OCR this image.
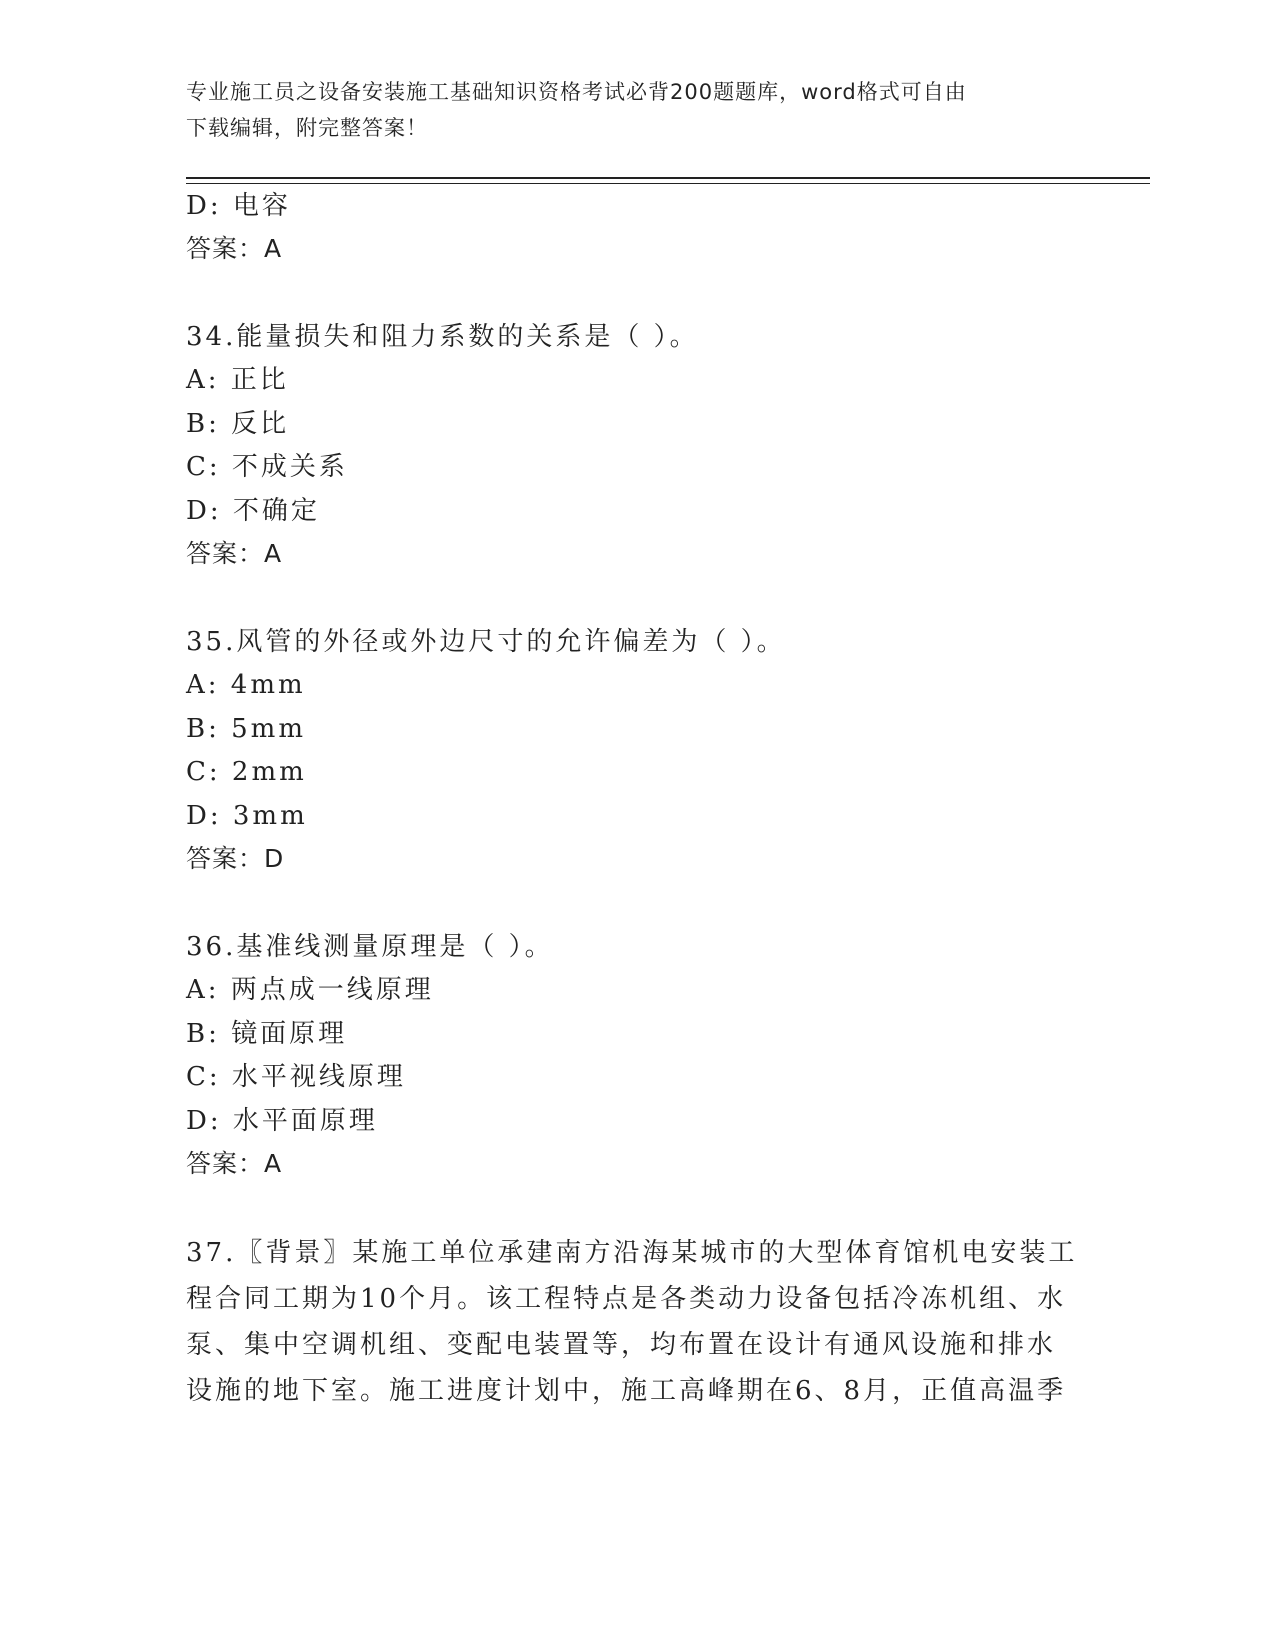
专业施工员之设备安装施工基础知识资格考试必背200题题库，word格式可自由
下载编辑，附完整答案！
D: 电容
答案：A
34.能量损失和阻力系数的关系是（ ）。
A: 正比
B: 反比
C: 不成关系
D: 不确定
答案：A
35.风管的外径或外边尺寸的允许偏差为（ ）。
A: 4mm
B: 5mm
C: 2mm
D: 3mm
答案：D
36.基准线测量原理是（ ）。
A: 两点成一线原理
B: 镜面原理
C: 水平视线原理
D: 水平面原理
答案：A
37.〖背景〗某施工单位承建南方沿海某城市的大型体育馆机电安装工
程合同工期为10个月。该工程特点是各类动力设备包括冷冻机组、水
泵、集中空调机组、变配电装置等，均布置在设计有通风设施和排水
设施的地下室。施工进度计划中，施工高峰期在6、8月，正值高温季
